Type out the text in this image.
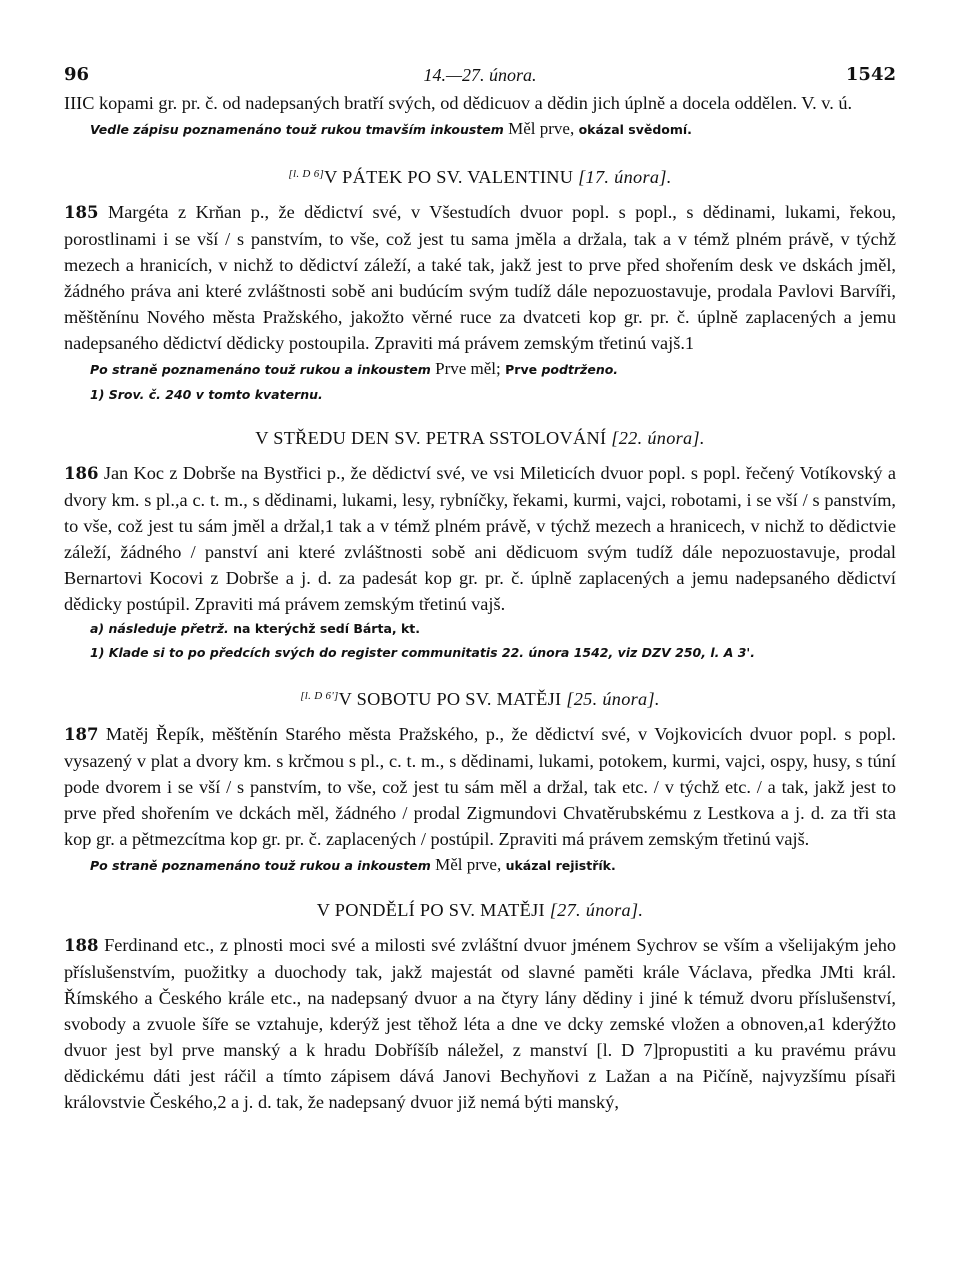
96	14.—27. února.	1542

IIIC kopami gr. pr. č. od nadepsaných bratří svých, od dědicuov a dědin jich úplně a docela oddělen. V. v. ú.

Vedle zápisu poznamenáno touž rukou tmavším inkoustem Měl prve, okázal svědomí.
[l. D 6]V PÁTEK PO SV. VALENTINU [17. února].

185 Margéta z Krňan p., že dědictví své, v Všestudích dvuor popl. s popl., s dědinami, lukami, řekou, porostlinami i se vší / s panstvím, to vše, což jest tu sama jměla a držala, tak a v témž plném právě, v týchž mezech a hranicích, v nichž to dědictví záleží, a také tak, jakž jest to prve před shořením desk ve dskách jměl, žádného práva ani které zvláštnosti sobě ani budúcím svým tudíž dále nepozuostavuje, prodala Pavlovi Barvíři, měštěnínu Nového města Pražského, jakožto věrné ruce za dvatceti kop gr. pr. č. úplně zaplacených a jemu nadepsaného dědictví dědicky postoupila. Zpraviti má právem zemským třetinú vajš.1

Po straně poznamenáno touž rukou a inkoustem Prve měl; Prve podtrženo.
1) Srov. č. 240 v tomto kvaternu.
V STŘEDU DEN SV. PETRA SSTOLOVÁNÍ [22. února].

186 Jan Koc z Dobrše na Bystřici p., že dědictví své, ve vsi Mileticích dvuor popl. s popl. řečený Votíkovský a dvory km. s pl.,a c. t. m., s dědinami, lukami, lesy, rybníčky, řekami, kurmi, vajci, robotami, i se vší / s panstvím, to vše, což jest tu sám jměl a držal,1 tak a v témž plném právě, v týchž mezech a hranicech, v nichž to dědictvie záleží, žádného / panství ani které zvláštnosti sobě ani dědicuom svým tudíž dále nepozuostavuje, prodal Bernartovi Kocovi z Dobrše a j. d. za padesát kop gr. pr. č. úplně zaplacených a jemu nadepsaného dědictví dědicky postúpil. Zpraviti má právem zemským třetinú vajš.

a) následuje přetrž. na kterýchž sedí Bárta, kt.
1) Klade si to po předcích svých do register communitatis 22. února 1542, viz DZV 250, l. A 3'.
[l. D 6']V SOBOTU PO SV. MATĚJI [25. února].

187 Matěj Řepík, měštěnín Starého města Pražského, p., že dědictví své, v Vojkovicích dvuor popl. s popl. vysazený v plat a dvory km. s krčmou s pl., c. t. m., s dědinami, lukami, potokem, kurmi, vajci, ospy, husy, s túní pode dvorem i se vší / s panstvím, to vše, což jest tu sám měl a držal, tak etc. / v týchž etc. / a tak, jakž jest to prve před shořením ve dckách měl, žádného / prodal Zigmundovi Chvatěrubskému z Lestkova a j. d. za tři sta kop gr. a pětmezcítma kop gr. pr. č. zaplacených / postúpil. Zpraviti má právem zemským třetinú vajš.

Po straně poznamenáno touž rukou a inkoustem Měl prve, ukázal rejistřík.
V PONDĚLÍ PO SV. MATĚJI [27. února].

188 Ferdinand etc., z plnosti moci své a milosti své zvláštní dvuor jménem Sychrov se vším a všelijakým jeho příslušenstvím, puožitky a duochody tak, jakž majestát od slavné paměti krále Václava, předka JMti král. Římského a Českého krále etc., na nadepsaný dvuor a na čtyry lány dědiny i jiné k témuž dvoru příslušenství, svobody a zvuole šíře se vztahuje, kderýž jest těhož léta a dne ve dcky zemské vložen a obnoven,a1 kderýžto dvuor jest byl prve manský a k hradu Dobříšíb náležel, z manství [l. D 7]propustiti a ku pravému právu dědickému dáti jest ráčil a tímto zápisem dává Janovi Bechyňovi z Lažan a na Pičíně, najvyzšímu písaři královstvie Českého,2 a j. d. tak, že nadepsaný dvuor již nemá býti manský,
